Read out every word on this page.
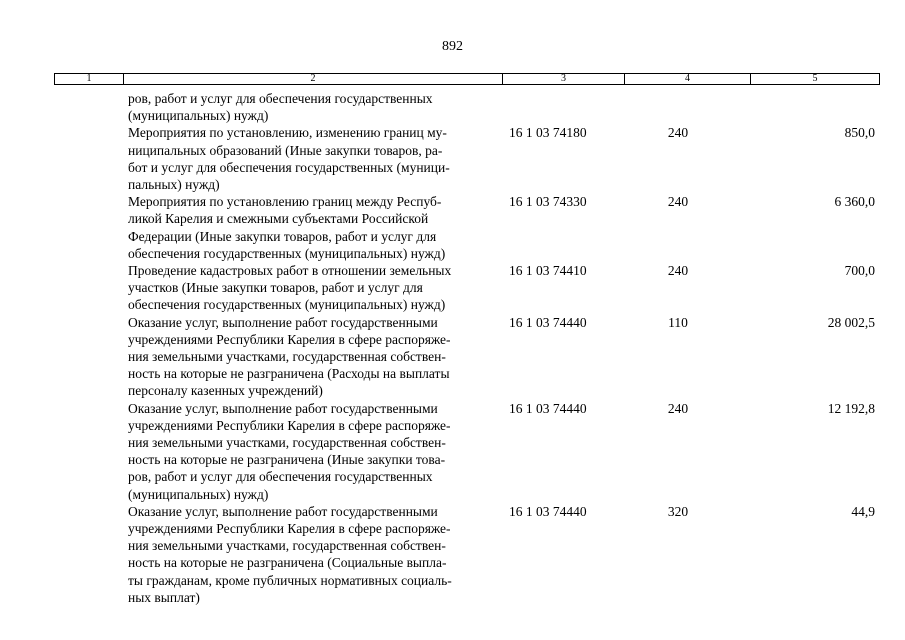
892
1	2	3	4	5
ров, работ и услуг для обеспечения государственных
(муниципальных) нужд)
Мероприятия по установлению, изменению границ му-
ниципальных образований (Иные закупки товаров, ра-
бот и услуг для обеспечения государственных (муници-
пальных) нужд)
16 1 03 74180	240	850,0
Мероприятия по установлению границ между Респуб-
ликой Карелия и смежными субъектами Российской
Федерации (Иные закупки товаров, работ и услуг для
обеспечения государственных (муниципальных) нужд)
16 1 03 74330	240	6 360,0
Проведение кадастровых работ в отношении земельных
участков (Иные закупки товаров, работ и услуг для
обеспечения государственных (муниципальных) нужд)
16 1 03 74410	240	700,0
Оказание услуг, выполнение работ государственными
учреждениями Республики Карелия в сфере распоряже-
ния земельными участками, государственная собствен-
ность на которые не разграничена (Расходы на выплаты
персоналу казенных учреждений)
16 1 03 74440	110	28 002,5
Оказание услуг, выполнение работ государственными
учреждениями Республики Карелия в сфере распоряже-
ния земельными участками, государственная собствен-
ность на которые не разграничена (Иные закупки това-
ров, работ и услуг для обеспечения государственных
(муниципальных) нужд)
16 1 03 74440	240	12 192,8
Оказание услуг, выполнение работ государственными
учреждениями Республики Карелия в сфере распоряже-
ния земельными участками, государственная собствен-
ность на которые не разграничена (Социальные выпла-
ты гражданам, кроме публичных нормативных социаль-
ных выплат)
16 1 03 74440	320	44,9
